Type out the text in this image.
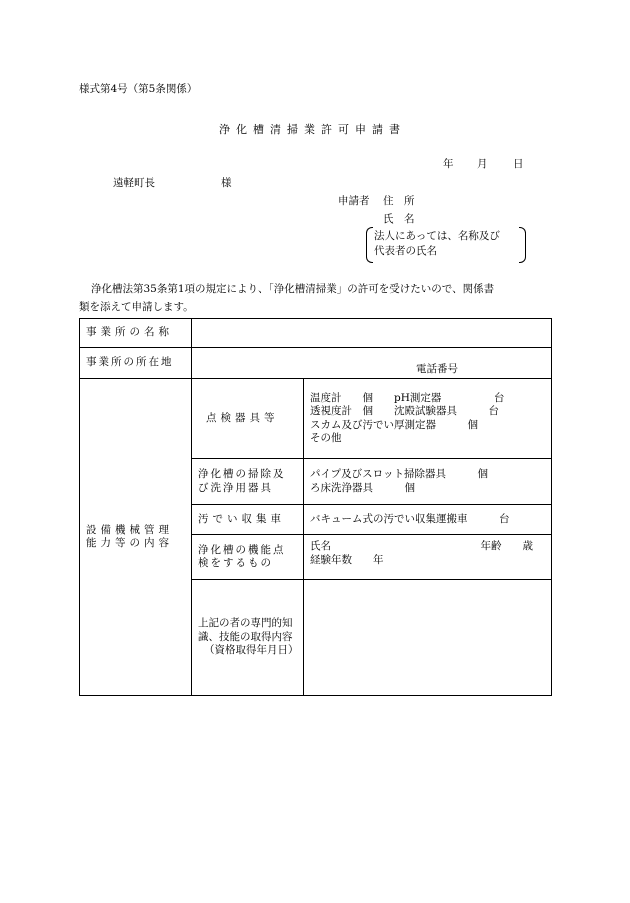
様式第4号（第5条関係）
浄化槽清掃業許可申請書
年 月 日
遠軽町長	様
申請者 住　所
氏　名
法人にあっては、名称及び
代表者の氏名
浄化槽法第35条第1項の規定により、「浄化槽清掃業」の許可を受けたいので、関係書
類を添えて申請します。
事業所の名称		
事業所の所在地	電話番号	
設備機械管理能力等の内容	点検器具等	温度計　　個　　pH測定器　　　　　台
透視度計　個　　沈殿試験器具　　　台
スカム及び汚でい厚測定器　　　個
その他

	浄化槽の掃除及び洗浄用器具	パイプ及びスロット掃除器具　　　個
ろ床洗浄器具　　　個

	汚でい収集車	バキューム式の汚でい収集運搬車　　　台
	浄化槽の機能点検をするもの	氏名 年齢　　歳
経験年数　　年

	上記の者の専門的知識、技能の取得内容
（資格取得年月日）	
